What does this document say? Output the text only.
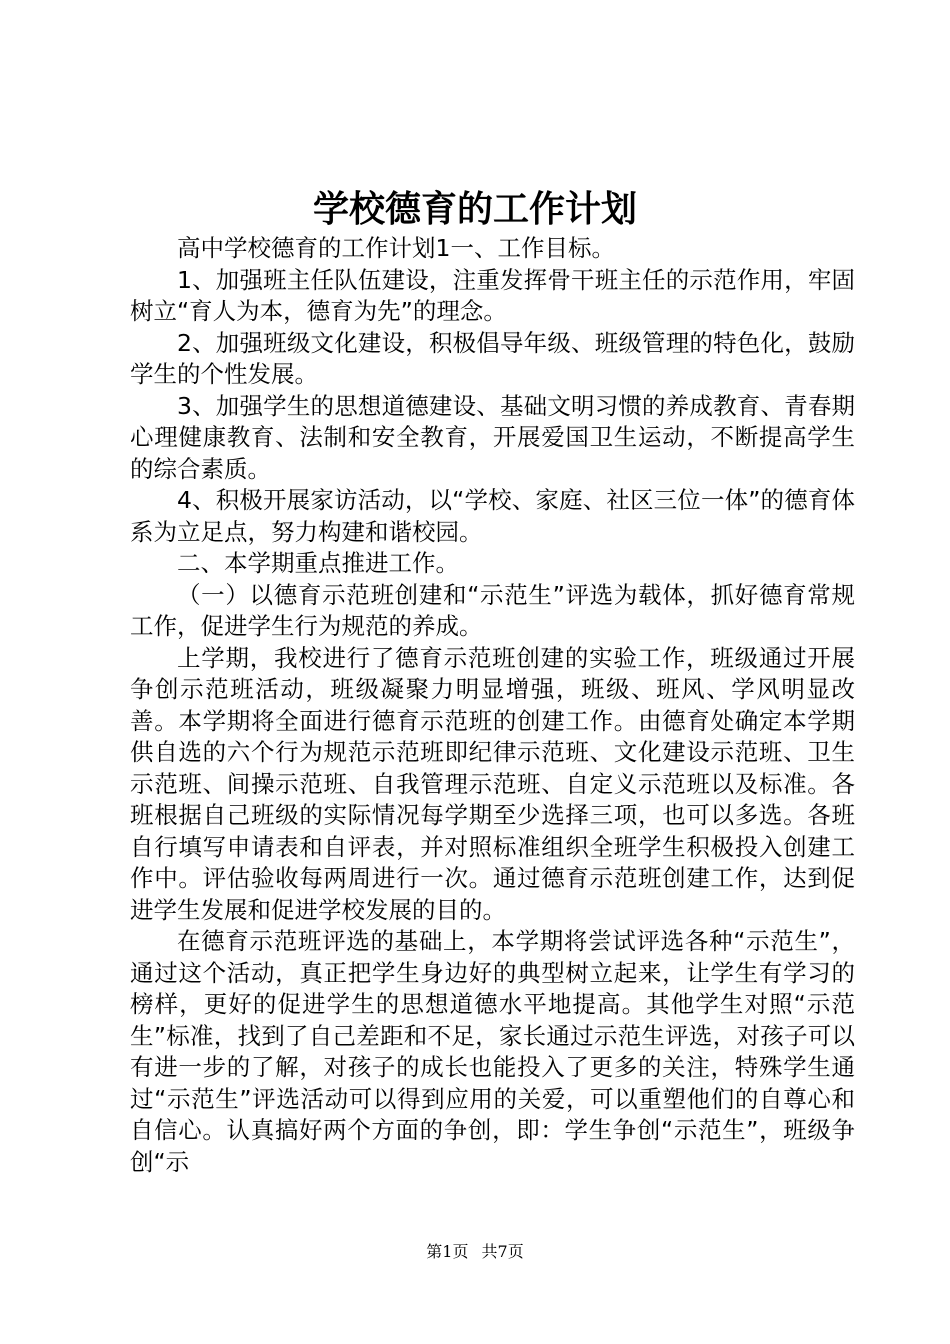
学校德育的工作计划

高中学校德育的工作计划1一、工作目标。

1、加强班主任队伍建设，注重发挥骨干班主任的示范作用，牢固树立“育人为本，德育为先”的理念。

2、加强班级文化建设，积极倡导年级、班级管理的特色化，鼓励学生的个性发展。

3、加强学生的思想道德建设、基础文明习惯的养成教育、青春期心理健康教育、法制和安全教育，开展爱国卫生运动，不断提高学生的综合素质。

4、积极开展家访活动，以“学校、家庭、社区三位一体”的德育体系为立足点，努力构建和谐校园。

二、本学期重点推进工作。

（一）以德育示范班创建和“示范生”评选为载体，抓好德育常规工作，促进学生行为规范的养成。

上学期，我校进行了德育示范班创建的实验工作，班级通过开展争创示范班活动，班级凝聚力明显增强，班级、班风、学风明显改善。本学期将全面进行德育示范班的创建工作。由德育处确定本学期供自选的六个行为规范示范班即纪律示范班、文化建设示范班、卫生示范班、间操示范班、自我管理示范班、自定义示范班以及标准。各班根据自己班级的实际情况每学期至少选择三项，也可以多选。各班自行填写申请表和自评表，并对照标准组织全班学生积极投入创建工作中。评估验收每两周进行一次。通过德育示范班创建工作，达到促进学生发展和促进学校发展的目的。

在德育示范班评选的基础上，本学期将尝试评选各种“示范生”，通过这个活动，真正把学生身边好的典型树立起来，让学生有学习的榜样，更好的促进学生的思想道德水平地提高。其他学生对照“示范生”标准，找到了自己差距和不足，家长通过示范生评选，对孩子可以有进一步的了解，对孩子的成长也能投入了更多的关注，特殊学生通过“示范生”评选活动可以得到应用的关爱，可以重塑他们的自尊心和自信心。认真搞好两个方面的争创，即：学生争创“示范生”，班级争创“示

第1页 共7页
